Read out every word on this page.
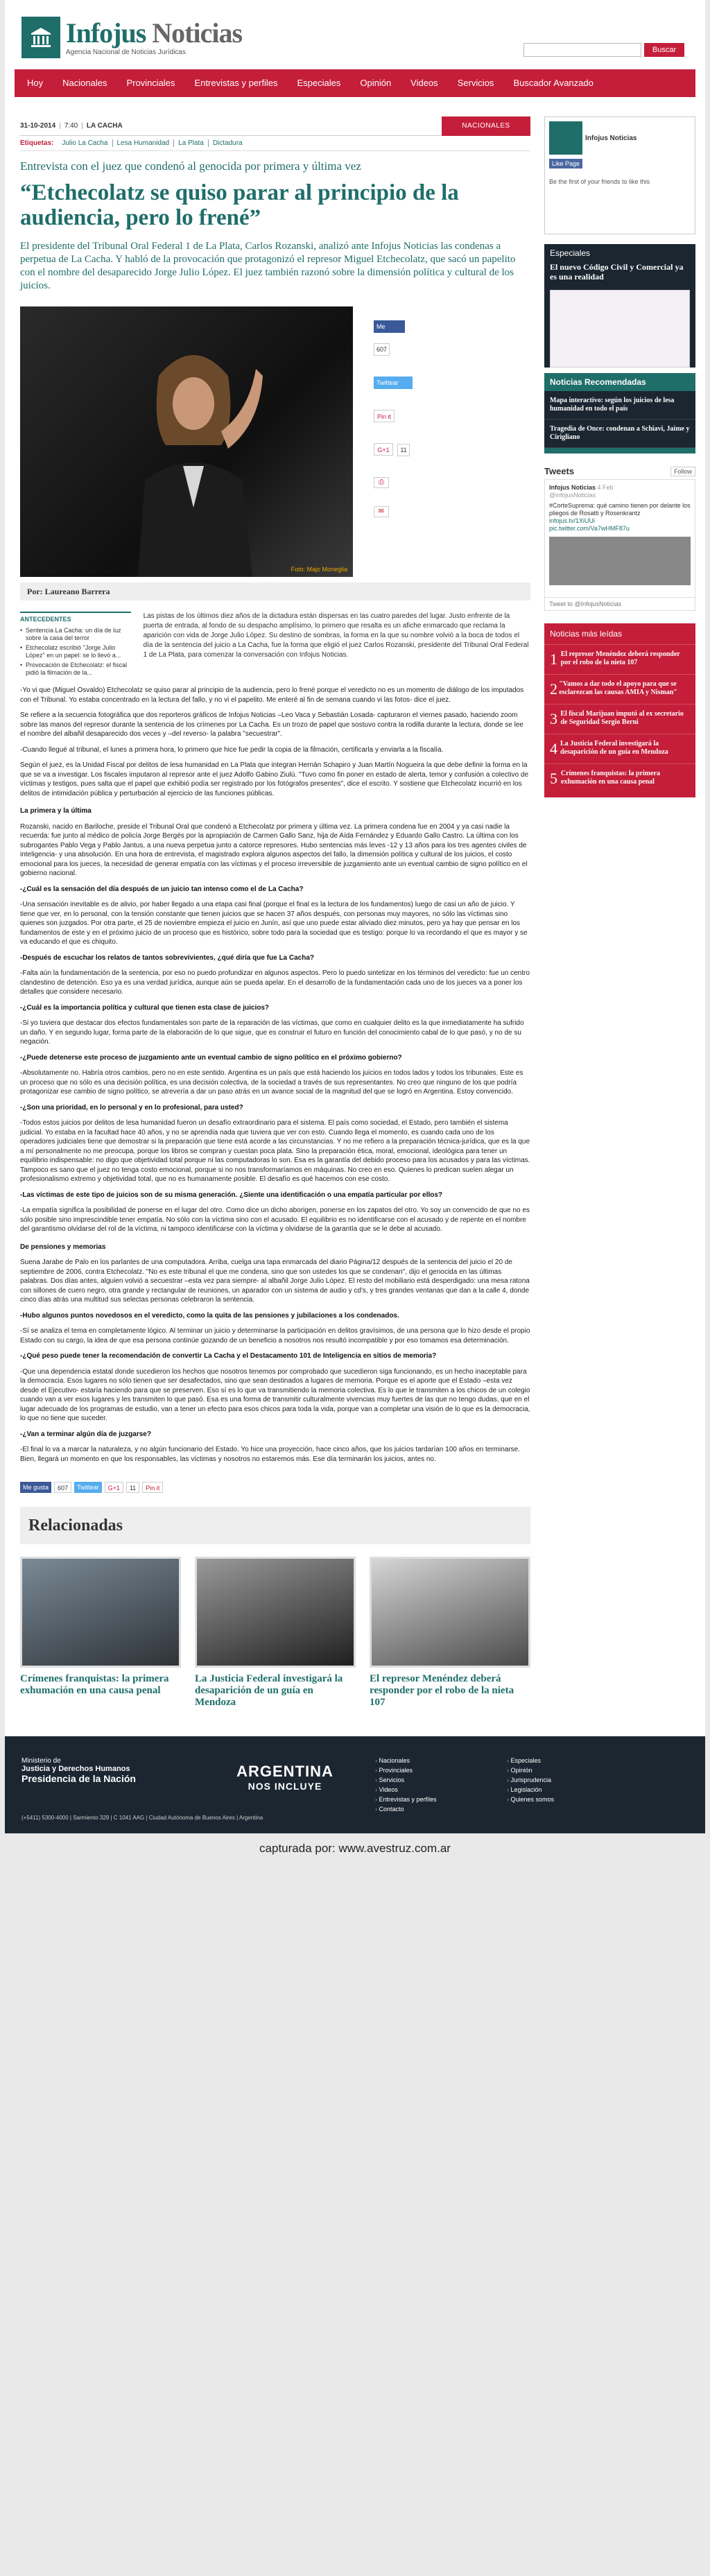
Infojus Noticias
Agencia Nacional de Noticias Jurídicas	Buscar
Hoy	Nacionales	Provinciales	Entrevistas y perfiles	Especiales	Opinión	Videos	Servicios	Buscador Avanzado
31-10-2014 | 7:40 | LA CACHA	NACIONALES
Etiquetas:	Julio La Cacha	Lesa Humanidad	La Plata	Dictadura
Entrevista con el juez que condenó al genocida por primera y última vez
“Etchecolatz se quiso parar al principio de la audiencia, pero lo frené”
El presidente del Tribunal Oral Federal 1 de La Plata, Carlos Rozanski, analizó ante Infojus Noticias las condenas a perpetua de La Cacha. Y habló de la provocación que protagonizó el represor Miguel Etchecolatz, que sacó un papelito con el nombre del desaparecido Jorge Julio López. El juez también razonó sobre la dimensión política y cultural de los juicios.
Foto: Majo Moneglia
Me gusta607
Twittear
Pin it
G+1 11
⎙
✉
Por: Laureano Barrera
ANTECEDENTES
• Sentencia La Cacha: un día de luz sobre la casa del terror
• Etchecolatz escribió "Jorge Julio López" en un papel: se lo llevó a...
• Provocación de Etchecolatz: el fiscal pidió la filmación de la...
Las pistas de los últimos diez años de la dictadura están dispersas en las cuatro paredes del lugar. Justo enfrente de la puerta de entrada, al fondo de su despacho amplísimo, lo primero que resalta es un afiche enmarcado que reclama la aparición con vida de Jorge Julio López. Su destino de sombras, la forma en la que su nombre volvió a la boca de todos el día de la sentencia del juicio a La Cacha, fue la forma que eligió el juez Carlos Rozanski, presidente del Tribunal Oral Federal 1 de La Plata, para comenzar la conversación con Infojus Noticias.

-Yo vi que (Miguel Osvaldo) Etchecolatz se quiso parar al principio de la audiencia, pero lo frené porque el veredicto no es un momento de diálogo de los imputados con el Tribunal. Yo estaba concentrado en la lectura del fallo, y no vi el papelito. Me enteré al fin de semana cuando vi las fotos- dice el juez.

Se refiere a la secuencia fotográfica que dos reporteros gráficos de Infojus Noticias –Leo Vaca y Sebastián Losada- capturaron el viernes pasado, haciendo zoom sobre las manos del represor durante la sentencia de los crímenes por La Cacha. Es un trozo de papel que sostuvo contra la rodilla durante la lectura, donde se lee el nombre del albañil desaparecido dos veces y –del reverso- la palabra "secuestrar".

-Cuando llegué al tribunal, el lunes a primera hora, lo primero que hice fue pedir la copia de la filmación, certificarla y enviarla a la fiscalía.

Según el juez, es la Unidad Fiscal por delitos de lesa humanidad en La Plata que integran Hernán Schapiro y Juan Martín Nogueira la que debe definir la forma en la que se va a investigar. Los fiscales imputaron al represor ante el juez Adolfo Gabino Ziulú. "Tuvo como fin poner en estado de alerta, temor y confusión a colectivo de víctimas y testigos, pues salta que el papel que exhibió podía ser registrado por los fotógrafos presentes", dice el escrito. Y sostiene que Etchecolatz incurrió en los delitos de intimidación pública y perturbación al ejercicio de las funciones públicas.

La primera y la última

Rozanski, nacido en Bariloche, preside el Tribunal Oral que condenó a Etchecolatz por primera y última vez. La primera condena fue en 2004 y ya casi nadie la recuerda: fue junto al médico de policía Jorge Bergés por la apropiación de Carmen Gallo Sanz, hija de Aída Fernández y Eduardo Gallo Castro. La última con los subrogantes Pablo Vega y Pablo Jantus, a una nueva perpetua junto a catorce represores. Hubo sentencias más leves -12 y 13 años para los tres agentes civiles de inteligencia- y una absolución. En una hora de entrevista, el magistrado explora algunos aspectos del fallo, la dimensión política y cultural de los juicios, el costo emocional para los jueces, la necesidad de generar empatía con las víctimas y el proceso irreversible de juzgamiento ante un eventual cambio de signo político en el gobierno nacional.

-¿Cuál es la sensación del día después de un juicio tan intenso como el de La Cacha?

-Una sensación inevitable es de alivio, por haber llegado a una etapa casi final (porque el final es la lectura de los fundamentos) luego de casi un año de juicio. Y tiene que ver, en lo personal, con la tensión constante que tienen juicios que se hacen 37 años después, con personas muy mayores, no sólo las víctimas sino quienes son juzgados. Por otra parte, el 25 de noviembre empieza el juicio en Junín, así que uno puede estar aliviado diez minutos, pero ya hay que pensar en los fundamentos de este y en el próximo juicio de un proceso que es histórico, sobre todo para la sociedad que es testigo: porque lo va recordando el que es mayor y se va educando el que es chiquito.

-Después de escuchar los relatos de tantos sobrevivientes, ¿qué diría que fue La Cacha?

-Falta aún la fundamentación de la sentencia, por eso no puedo profundizar en algunos aspectos. Pero lo puedo sintetizar en los términos del veredicto: fue un centro clandestino de detención. Eso ya es una verdad jurídica, aunque aún se pueda apelar. En el desarrollo de la fundamentación cada uno de los jueces va a poner los detalles que considere necesario.

-¿Cuál es la importancia política y cultural que tienen esta clase de juicios?

-Si yo tuviera que destacar dos efectos fundamentales son parte de la reparación de las víctimas, que como en cualquier delito es la que inmediatamente ha sufrido un daño. Y en segundo lugar, forma parte de la elaboración de lo que sigue, que es construir el futuro en función del conocimiento cabal de lo que pasó, y no de su negación.

-¿Puede detenerse este proceso de juzgamiento ante un eventual cambio de signo político en el próximo gobierno?

-Absolutamente no. Habría otros cambios, pero no en este sentido. Argentina es un país que está haciendo los juicios en todos lados y todos los tribunales. Este es un proceso que no sólo es una decisión política, es una decisión colectiva, de la sociedad a través de sus representantes. No creo que ninguno de los que podría protagonizar ese cambio de signo político, se atrevería a dar un paso atrás en un avance social de la magnitud del que se logró en Argentina. Estoy convencido.

-¿Son una prioridad, en lo personal y en lo profesional, para usted?

-Todos estos juicios por delitos de lesa humanidad fueron un desafío extraordinario para el sistema. El país como sociedad, el Estado, pero también el sistema judicial. Yo estaba en la facultad hace 40 años, y no se aprendía nada que tuviera que ver con esto. Cuando llega el momento, es cuando cada uno de los operadores judiciales tiene que demostrar si la preparación que tiene está acorde a las circunstancias. Y no me refiero a la preparación técnica-jurídica, que es la que a mí personalmente no me preocupa, porque los libros se compran y cuestan poca plata. Sino la preparación ética, moral, emocional, ideológica para tener un equilibrio indispensable: no digo que objetividad total porque ni las computadoras lo son. Esa es la garantía del debido proceso para los acusados y para las víctimas. Tampoco es sano que el juez no tenga costo emocional, porque si no nos transformaríamos en máquinas. No creo en eso. Quienes lo predican suelen alegar un profesionalismo extremo y objetividad total, que no es humanamente posible. El desafío es qué hacemos con ese costo.

-Las víctimas de este tipo de juicios son de su misma generación. ¿Siente una identificación o una empatía particular por ellos?

-La empatía significa la posibilidad de ponerse en el lugar del otro. Como dice un dicho aborigen, ponerse en los zapatos del otro. Yo soy un convencido de que no es sólo posible sino imprescindible tener empatía. No sólo con la víctima sino con el acusado. El equilibrio es no identificarse con el acusado y de repente en el nombre del garantismo olvidarse del rol de la víctima, ni tampoco identificarse con la víctima y olvidarse de la garantía que se le debe al acusado.

De pensiones y memorias

Suena Jarabe de Palo en los parlantes de una computadora. Arriba, cuelga una tapa enmarcada del diario Página/12 después de la sentencia del juicio el 20 de septiembre de 2006, contra Etchecolatz. "No es este tribunal el que me condena, sino que son ustedes los que se condenan", dijo el genocida en las últimas palabras. Dos días antes, alguien volvió a secuestrar –esta vez para siempre- al albañil Jorge Julio López. El resto del mobiliario está desperdigado: una mesa ratona con sillones de cuero negro, otra grande y rectangular de reuniones, un aparador con un sistema de audio y cd's, y tres grandes ventanas que dan a la calle 4, donde cinco días atrás una multitud sus selectas personas celebraron la sentencia.

-Hubo algunos puntos novedosos en el veredicto, como la quita de las pensiones y jubilaciones a los condenados.

-Sí se analiza el tema en completamente lógico. Al terminar un juicio y determinarse la participación en delitos gravísimos, de una persona que lo hizo desde el propio Estado con su cargo, la idea de que esa persona continúe gozando de un beneficio a nosotros nos resultó incompatible y por eso tomamos esa determinación.

-¿Qué peso puede tener la recomendación de convertir La Cacha y el Destacamento 101 de Inteligencia en sitios de memoria?

-Que una dependencia estatal donde sucedieron los hechos que nosotros tenemos por comprobado que sucedieron siga funcionando, es un hecho inaceptable para la democracia. Esos lugares no sólo tienen que ser desafectados, sino que sean destinados a lugares de memoria. Porque es el aporte que el Estado –esta vez desde el Ejecutivo- estaría haciendo para que se preserven. Eso sí es lo que va transmitiendo la memoria colectiva. Es lo que le transmiten a los chicos de un colegio cuando van a ver esos lugares y les transmiten lo que pasó. Esa es una forma de transmitir culturalmente vivencias muy fuertes de las que no tengo dudas, que en el lugar adecuado de los programas de estudio, van a tener un efecto para esos chicos para toda la vida, porque van a completar una visión de lo que es la democracia, lo que no tiene que suceder.

-¿Van a terminar algún día de juzgarse?

-El final lo va a marcar la naturaleza, y no algún funcionario del Estado. Yo hice una proyección, hace cinco años, que los juicios tardarían 100 años en terminarse. Bien, llegará un momento en que los responsables, las víctimas y nosotros no estaremos más. Ese día terminarán los juicios, antes no.

Me gusta	607	Twittear	G+1	11	Pin it
Relacionadas
Crímenes franquistas: la primera exhumación en una causa penal
La Justicia Federal investigará la desaparición de un guía en Mendoza
El represor Menéndez deberá responder por el robo de la nieta 107
Infojus Noticias
Like Page
Be the first of your friends to like this
Especiales
El nuevo Código Civil y Comercial ya es una realidad
Noticias Recomendadas
Mapa interactivo: según los juicios de lesa humanidad en todo el país
Tragedia de Once: condenan a Schiavi, Jaime y Cirigliano
Tweets	Follow
Infojus Noticias 4 Feb
@infojusNoticias
#CorteSuprema: qué camino tienen por delante los pliegos de Rosatti y Rosenkrantz
infojus.tv/1XiUUi
pic.twitter.com/Va7wHMF87u
Tweet to @InfojusNoticias
Noticias más leídas
1 El represor Menéndez deberá responder por el robo de la nieta 107
2 "Vamos a dar todo el apoyo para que se esclarezcan las causas AMIA y Nisman"
3 El fiscal Marijuan imputó al ex secretario de Seguridad Sergio Berni
4 La Justicia Federal investigará la desaparición de un guía en Mendoza
5 Crímenes franquistas: la primera exhumación en una causa penal
Ministerio de
Justicia y Derechos Humanos
Presidencia de la Nación
(+5411) 5300-4000 | Sarmiento 329 | C 1041 AAG | Ciudad Autónoma de Buenos Aires | Argentina
ARGENTINA
NOS INCLUYE
› Nacionales
› Provinciales
› Servicios
› Videos
› Entrevistas y perfiles
› Contacto
› Especiales
› Opinión
› Jurisprudencia
› Legislación
› Quienes somos
capturada por: www.avestruz.com.ar
